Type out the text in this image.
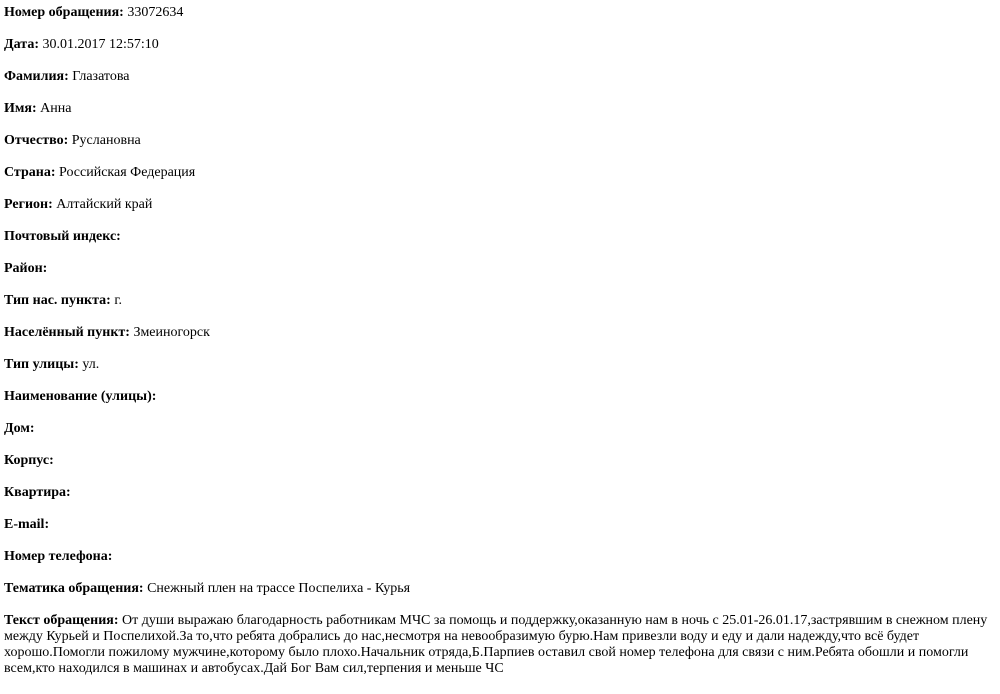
Номер обращения: 33072634
Дата: 30.01.2017 12:57:10
Фамилия: Глазатова
Имя: Анна
Отчество: Руслановна
Страна: Российская Федерация
Регион: Алтайский край
Почтовый индекс:
Район:
Тип нас. пункта: г.
Населённый пункт: Змеиногорск
Тип улицы: ул.
Наименование (улицы):
Дом:
Корпус:
Квартира:
E-mail:
Номер телефона:
Тематика обращения: Снежный плен на трассе Поспелиха - Курья
Текст обращения: От души выражаю благодарность работникам МЧС за помощь и поддержку,оказанную нам в ночь с 25.01-26.01.17,застрявшим в снежном плену между Курьей и Поспелихой.За то,что ребята добрались до нас,несмотря на невообразимую бурю.Нам привезли воду и еду и дали надежду,что всё будет хорошо.Помогли пожилому мужчине,которому было плохо.Начальник отряда,Б.Парпиев оставил свой номер телефона для связи с ним.Ребята обошли и помогли всем,кто находился в машинах и автобусах.Дай Бог Вам сил,терпения и меньше ЧС
